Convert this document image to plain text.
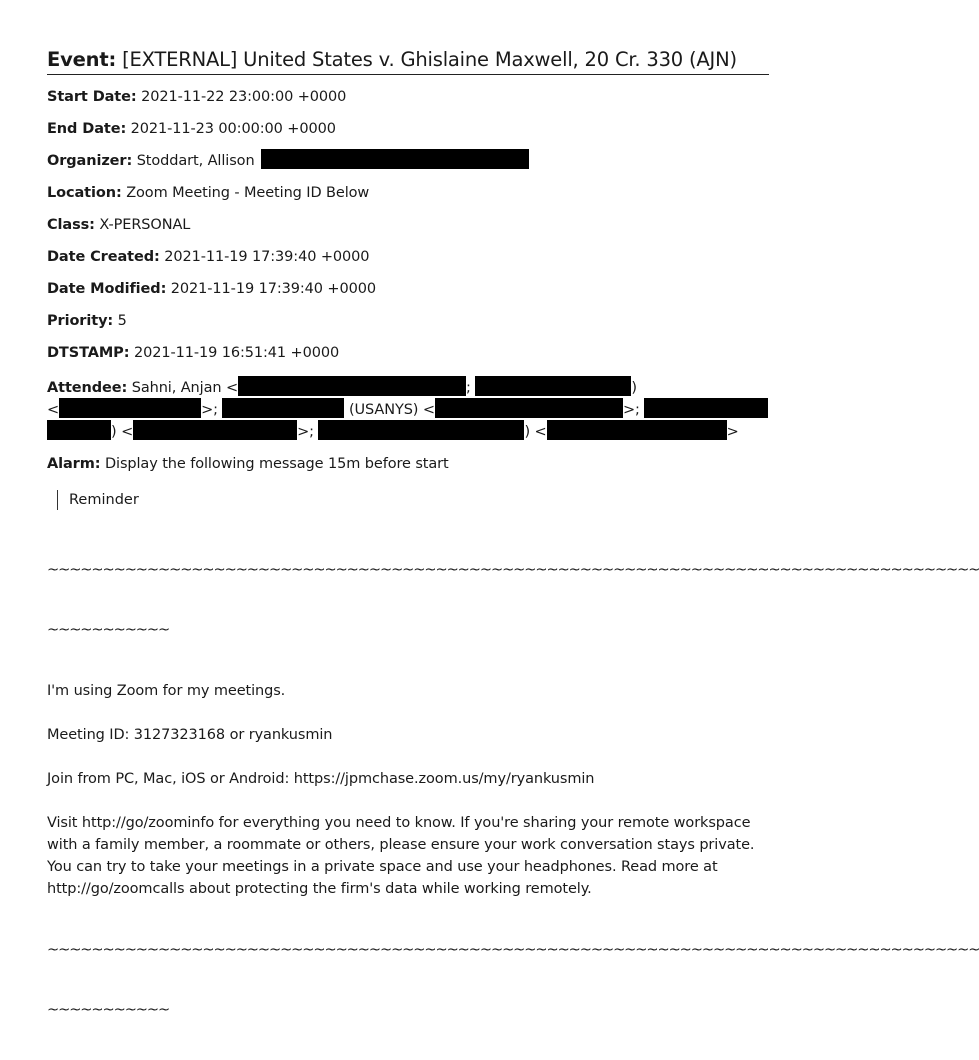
Event: [EXTERNAL] United States v. Ghislaine Maxwell, 20 Cr. 330 (AJN)
Start Date: 2021-11-22 23:00:00 +0000
End Date: 2021-11-23 00:00:00 +0000
Organizer: Stoddart, Allison
Location: Zoom Meeting - Meeting ID Below
Class: X-PERSONAL
Date Created: 2021-11-19 17:39:40 +0000
Date Modified: 2021-11-19 17:39:40 +0000
Priority: 5
DTSTAMP: 2021-11-19 16:51:41 +0000
Attendee: Sahni, Anjan <	;	)
<	>;	(USANYS) <	>;
) <	>;	) <	>
Alarm: Display the following message 15m before start
Reminder

~~~~~~~~~~~~~~~~~~~~~~~~~~~~~~~~~~~~~~~~~~~~~~~~~~~~~~~~~~~~~~~~~~~~~~~~~~~~~~~~~~~~

~~~~~~~~~~~

I'm using Zoom for my meetings.
Meeting ID: 3127323168 or ryankusmin
Join from PC, Mac, iOS or Android: https://jpmchase.zoom.us/my/ryankusmin
Visit http://go/zoominfo for everything you need to know. If you're sharing your remote workspace with a family member, a roommate or others, please ensure your work conversation stays private. You can try to take your meetings in a private space and use your headphones. Read more at http://go/zoomcalls about protecting the firm's data while working remotely.

~~~~~~~~~~~~~~~~~~~~~~~~~~~~~~~~~~~~~~~~~~~~~~~~~~~~~~~~~~~~~~~~~~~~~~~~~~~~~~~~~~~~

~~~~~~~~~~~
